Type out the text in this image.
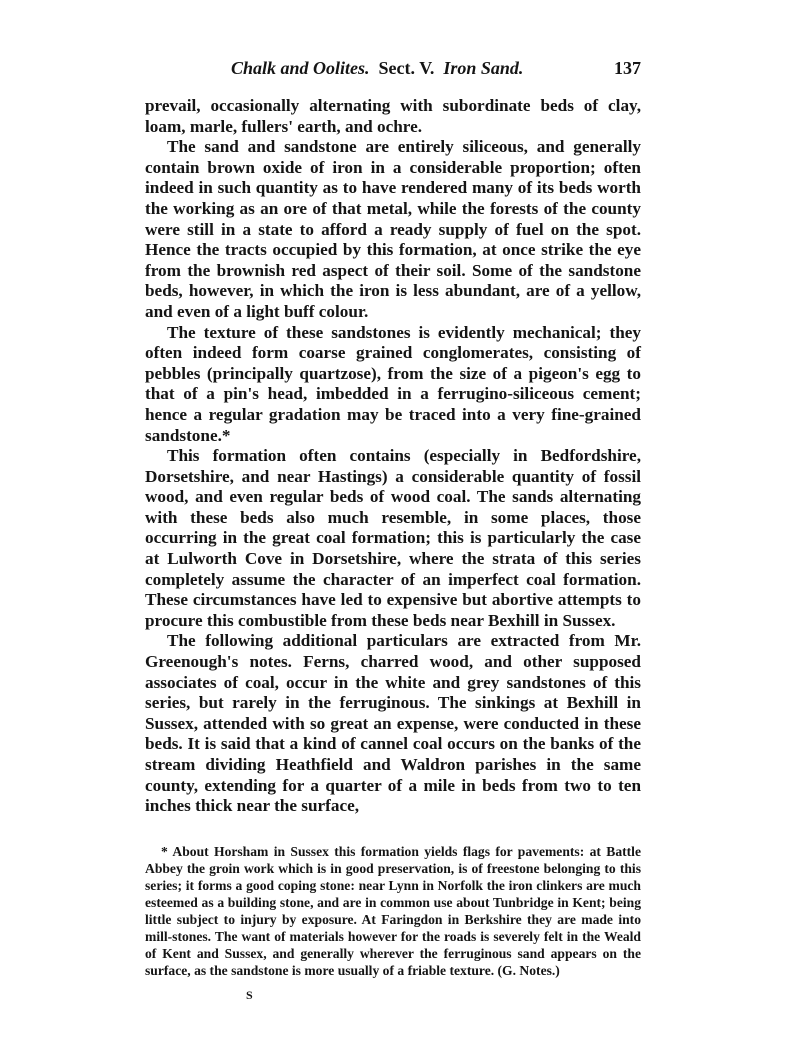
Chalk and Oolites. Sect. V. Iron Sand.	137

prevail, occasionally alternating with subordinate beds of clay, loam, marle, fullers' earth, and ochre.

The sand and sandstone are entirely siliceous, and generally contain brown oxide of iron in a considerable proportion; often indeed in such quantity as to have rendered many of its beds worth the working as an ore of that metal, while the forests of the county were still in a state to afford a ready supply of fuel on the spot. Hence the tracts occupied by this formation, at once strike the eye from the brownish red aspect of their soil. Some of the sandstone beds, however, in which the iron is less abundant, are of a yellow, and even of a light buff colour.

The texture of these sandstones is evidently mechanical; they often indeed form coarse grained conglomerates, consisting of pebbles (principally quartzose), from the size of a pigeon's egg to that of a pin's head, imbedded in a ferrugino-siliceous cement; hence a regular gradation may be traced into a very fine-grained sandstone.*

This formation often contains (especially in Bedfordshire, Dorsetshire, and near Hastings) a considerable quantity of fossil wood, and even regular beds of wood coal. The sands alternating with these beds also much resemble, in some places, those occurring in the great coal formation; this is particularly the case at Lulworth Cove in Dorsetshire, where the strata of this series completely assume the character of an imperfect coal formation. These circumstances have led to expensive but abortive attempts to procure this combustible from these beds near Bexhill in Sussex.

The following additional particulars are extracted from Mr. Greenough's notes. Ferns, charred wood, and other supposed associates of coal, occur in the white and grey sandstones of this series, but rarely in the ferruginous. The sinkings at Bexhill in Sussex, attended with so great an expense, were conducted in these beds. It is said that a kind of cannel coal occurs on the banks of the stream dividing Heathfield and Waldron parishes in the same county, extending for a quarter of a mile in beds from two to ten inches thick near the surface,

* About Horsham in Sussex this formation yields flags for pavements: at Battle Abbey the groin work which is in good preservation, is of freestone belonging to this series; it forms a good coping stone: near Lynn in Norfolk the iron clinkers are much esteemed as a building stone, and are in common use about Tunbridge in Kent; being little subject to injury by exposure. At Faringdon in Berkshire they are made into mill-stones. The want of materials however for the roads is severely felt in the Weald of Kent and Sussex, and generally wherever the ferruginous sand appears on the surface, as the sandstone is more usually of a friable texture. (G. Notes.)

S
